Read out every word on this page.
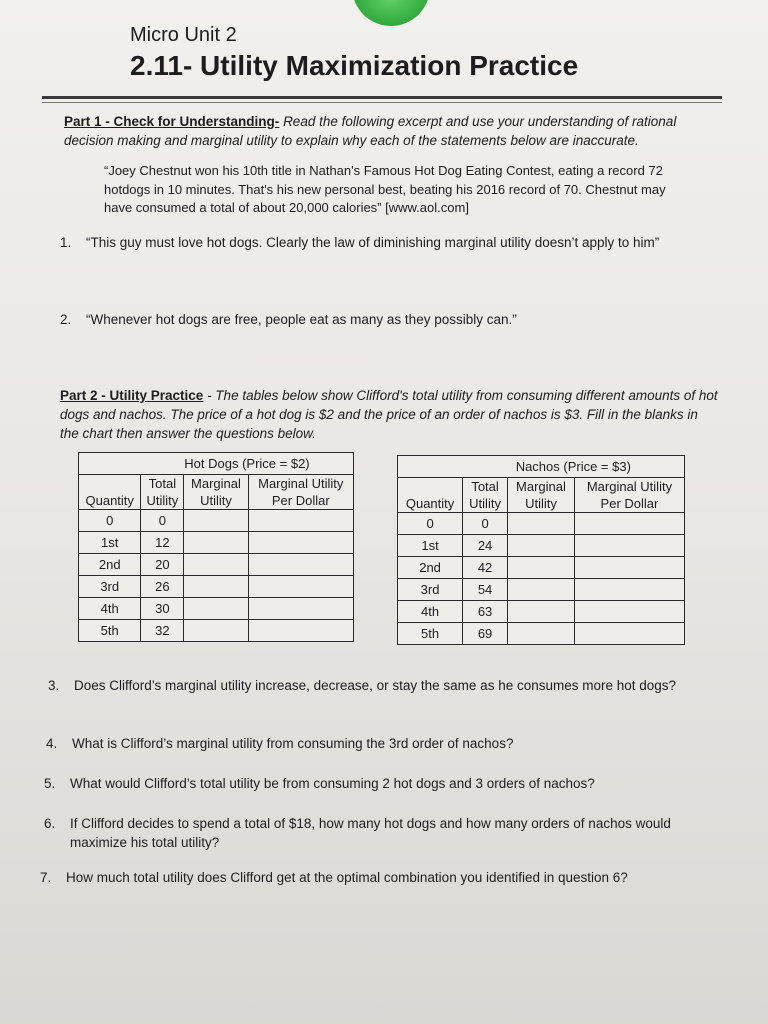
Micro Unit 2
2.11- Utility Maximization Practice
Part 1 - Check for Understanding- Read the following excerpt and use your understanding of rational decision making and marginal utility to explain why each of the statements below are inaccurate.
“Joey Chestnut won his 10th title in Nathan's Famous Hot Dog Eating Contest, eating a record 72 hotdogs in 10 minutes. That's his new personal best, beating his 2016 record of 70. Chestnut may have consumed a total of about 20,000 calories” [www.aol.com]
1. “This guy must love hot dogs. Clearly the law of diminishing marginal utility doesn’t apply to him”
2. “Whenever hot dogs are free, people eat as many as they possibly can.”
Part 2 - Utility Practice - The tables below show Clifford's total utility from consuming different amounts of hot dogs and nachos. The price of a hot dog is $2 and the price of an order of nachos is $3. Fill in the blanks in the chart then answer the questions below.
	Hot Dogs (Price = $2)		
	Total	Marginal	Marginal Utility
Quantity	Utility	Utility	Per Dollar
0	0		
1st	12		
2nd	20		
3rd	26		
4th	30		
5th	32		
	Nachos (Price = $3)		
	Total	Marginal	Marginal Utility
Quantity	Utility	Utility	Per Dollar
0	0		
1st	24		
2nd	42		
3rd	54		
4th	63		
5th	69		
3. Does Clifford’s marginal utility increase, decrease, or stay the same as he consumes more hot dogs?
4. What is Clifford’s marginal utility from consuming the 3rd order of nachos?
5. What would Clifford’s total utility be from consuming 2 hot dogs and 3 orders of nachos?
6. If Clifford decides to spend a total of $18, how many hot dogs and how many orders of nachos would maximize his total utility?
7. How much total utility does Clifford get at the optimal combination you identified in question 6?
